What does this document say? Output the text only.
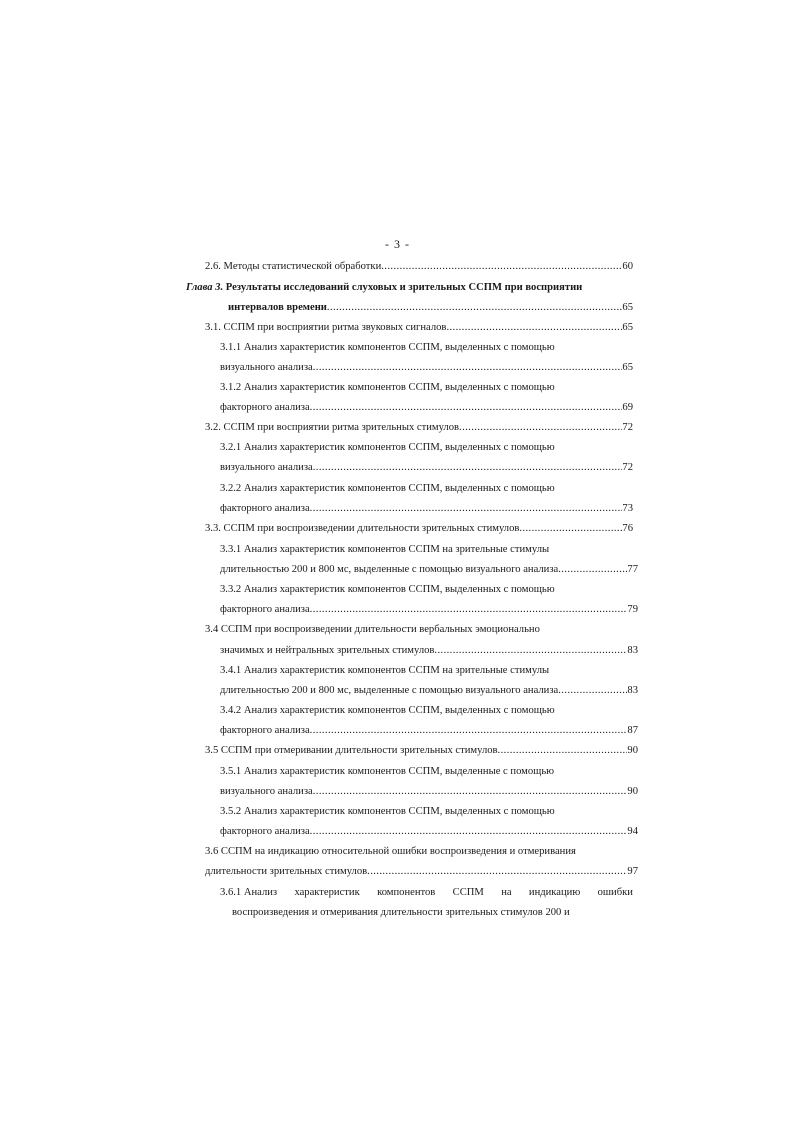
- 3 -
2.6. Методы статистической обработки .....	60
Глава 3. Результаты исследований слуховых и зрительных ССПМ при восприятии
интервалов времени .....	65
3.1. ССПМ при восприятии ритма звуковых сигналов .....	65
3.1.1 Анализ характеристик компонентов ССПМ, выделенных с помощью
визуального анализа .....	65
3.1.2 Анализ характеристик компонентов ССПМ, выделенных с помощью
факторного анализа .....	69
3.2. ССПМ при восприятии ритма зрительных стимулов .....	72
3.2.1 Анализ характеристик компонентов ССПМ, выделенных с помощью
визуального анализа .....	72
3.2.2 Анализ характеристик компонентов ССПМ, выделенных с помощью
факторного анализа .....	73
3.3. ССПМ при воспроизведении длительности зрительных стимулов .....	76
3.3.1 Анализ характеристик компонентов ССПМ на зрительные стимулы
длительностью 200 и 800 мс, выделенные с помощью визуального анализа .....	77
3.3.2 Анализ характеристик компонентов ССПМ, выделенных с помощью
факторного анализа .....	79
3.4 ССПМ при воспроизведении длительности вербальных эмоционально
значимых и нейтральных зрительных стимулов .....	83
3.4.1 Анализ характеристик компонентов ССПМ на зрительные стимулы
длительностью 200 и 800 мс, выделенные с помощью визуального анализа .....	83
3.4.2 Анализ характеристик компонентов ССПМ, выделенных с помощью
факторного анализа .....	87
3.5 ССПМ при отмеривании длительности зрительных стимулов .....	90
3.5.1 Анализ характеристик компонентов ССПМ, выделенные с помощью
визуального анализа .....	90
3.5.2 Анализ характеристик компонентов ССПМ, выделенных с помощью
факторного анализа .....	94
3.6 ССПМ на индикацию относительной ошибки воспроизведения и отмеривания
длительности зрительных стимулов .....	97
3.6.1 Анализ характеристик компонентов ССПМ на индикацию ошибки
воспроизведения и отмеривания длительности зрительных стимулов 200 и
